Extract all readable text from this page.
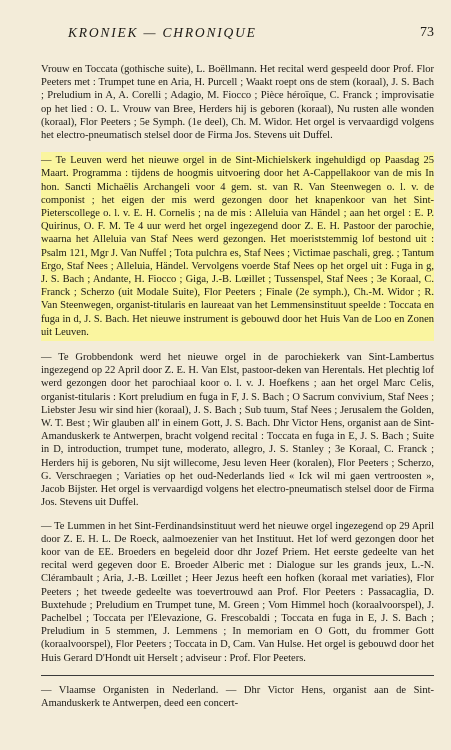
KRONIEK — CHRONIQUE	73

Vrouw en Toccata (gothische suite), L. Boëllmann. Het recital werd gespeeld door Prof. Flor Peeters met : Trumpet tune en Aria, H. Purcell ; Waakt roept ons de stem (koraal), J. S. Bach ; Preludium in A, A. Corelli ; Adagio, M. Fiocco ; Pièce héroïque, C. Franck ; improvisatie op het lied : O. L. Vrouw van Bree, Herders hij is geboren (koraal), Nu rusten alle wonden (koraal), Flor Peeters ; 5e Symph. (1e deel), Ch. M. Widor. Het orgel is vervaardigd volgens het electro-pneumatisch stelsel door de Firma Jos. Stevens uit Duffel.

— Te Leuven werd het nieuwe orgel in de Sint-Michielskerk ingehuldigd op Paasdag 25 Maart. Programma : tijdens de hoogmis uitvoering door het A-Cappellakoor van de mis In hon. Sancti Michaëlis Archangeli voor 4 gem. st. van R. Van Steenwegen o. l. v. de componist ; het eigen der mis werd gezongen door het knapenkoor van het Sint-Pieterscollege o. l. v. E. H. Cornelis ; na de mis : Alleluia van Händel ; aan het orgel : E. P. Quirinus, O. F. M. Te 4 uur werd het orgel ingezegend door Z. E. H. Pastoor der parochie, waarna het Alleluia van Staf Nees werd gezongen. Het moeriststemmig lof bestond uit : Psalm 121, Mgr J. Van Nuffel ; Tota pulchra es, Staf Nees ; Victimae paschali, greg. ; Tantum Ergo, Staf Nees ; Alleluia, Händel. Vervolgens voerde Staf Nees op het orgel uit : Fuga in g, J. S. Bach ; Andante, H. Fiocco ; Giga, J.-B. Lœillet ; Tussenspel, Staf Nees ; 3e Koraal, C. Franck ; Scherzo (uit Modale Suite), Flor Peeters ; Finale (2e symph.), Ch.-M. Widor ; R. Van Steenwegen, organist-titularis en laureaat van het Lemmensinstituut speelde : Toccata en fuga in d, J. S. Bach. Het nieuwe instrument is gebouwd door het Huis Van de Loo en Zonen uit Leuven.

— Te Grobbendonk werd het nieuwe orgel in de parochiekerk van Sint-Lambertus ingezegend op 22 April door Z. E. H. Van Elst, pastoor-deken van Herentals. Het plechtig lof werd gezongen door het parochiaal koor o. l. v. J. Hoefkens ; aan het orgel Marc Celis, organist-titularis : Kort preludium en fuga in F, J. S. Bach ; O Sacrum convivium, Staf Nees ; Liebster Jesu wir sind hier (koraal), J. S. Bach ; Sub tuum, Staf Nees ; Jerusalem the Golden, W. T. Best ; Wir glauben all' in einem Gott, J. S. Bach. Dhr Victor Hens, organist aan de Sint-Amanduskerk te Antwerpen, bracht volgend recital : Toccata en fuga in E, J. S. Bach ; Suite in D, introduction, trumpet tune, moderato, allegro, J. S. Stanley ; 3e Koraal, C. Franck ; Herders hij is geboren, Nu sijt willecome, Jesu leven Heer (koralen), Flor Peeters ; Scherzo, G. Verschraegen ; Variaties op het oud-Nederlands lied « Ick wil mi gaen vertroosten », Jacob Bijster. Het orgel is vervaardigd volgens het electro-pneumatisch stelsel door de Firma Jos. Stevens uit Duffel.

— Te Lummen in het Sint-Ferdinandsinstituut werd het nieuwe orgel ingezegend op 29 April door Z. E. H. L. De Roeck, aalmoezenier van het Instituut. Het lof werd gezongen door het koor van de EE. Broeders en begeleid door dhr Jozef Priem. Het eerste gedeelte van het recital werd gegeven door E. Broeder Alberic met : Dialogue sur les grands jeux, L.-N. Clérambault ; Aria, J.-B. Lœillet ; Heer Jezus heeft een hofken (koraal met variaties), Flor Peeters ; het tweede gedeelte was toevertrouwd aan Prof. Flor Peeters : Passacaglia, D. Buxtehude ; Preludium en Trumpet tune, M. Green ; Vom Himmel hoch (koraalvoorspel), J. Pachelbel ; Toccata per l'Elevazione, G. Frescobaldi ; Toccata en fuga in E, J. S. Bach ; Preludium in 5 stemmen, J. Lemmens ; In memoriam en O Gott, du frommer Gott (koraalvoorspel), Flor Peeters ; Toccata in D, Cam. Van Hulse. Het orgel is gebouwd door het Huis Gerard D'Hondt uit Herselt ; adviseur : Prof. Flor Peeters.

— Vlaamse Organisten in Nederland. — Dhr Victor Hens, organist aan de Sint-Amanduskerk te Antwerpen, deed een concert-
